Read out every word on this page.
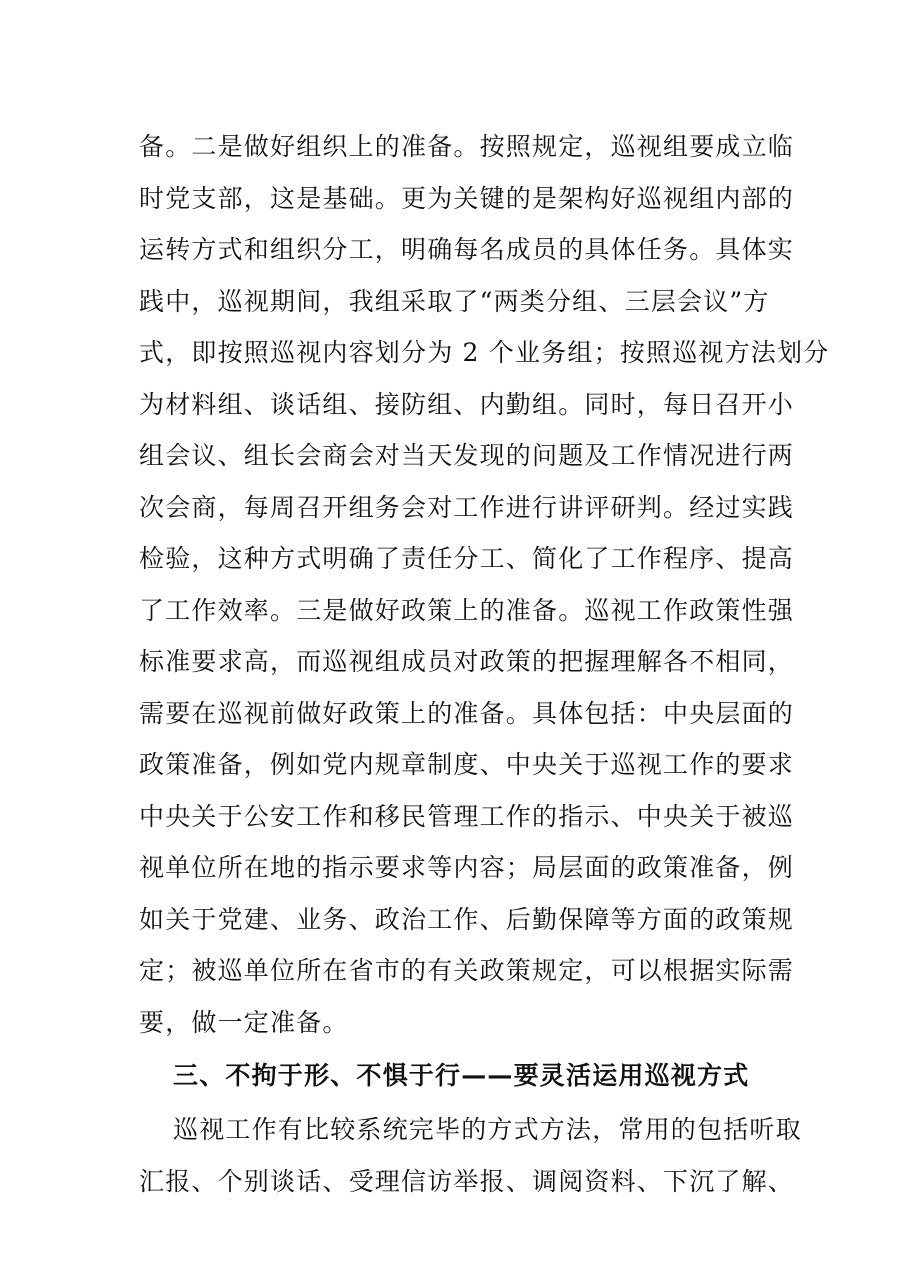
备。二是做好组织上的准备。按照规定，巡视组要成立临
时党支部，这是基础。更为关键的是架构好巡视组内部的
运转方式和组织分工，明确每名成员的具体任务。具体实
践中，巡视期间，我组采取了“两类分组、三层会议”方
式，即按照巡视内容划分为 2 个业务组；按照巡视方法划分
为材料组、谈话组、接防组、内勤组。同时，每日召开小
组会议、组长会商会对当天发现的问题及工作情况进行两
次会商，每周召开组务会对工作进行讲评研判。经过实践
检验，这种方式明确了责任分工、简化了工作程序、提高
了工作效率。三是做好政策上的准备。巡视工作政策性强
标准要求高，而巡视组成员对政策的把握理解各不相同，
需要在巡视前做好政策上的准备。具体包括：中央层面的
政策准备，例如党内规章制度、中央关于巡视工作的要求
中央关于公安工作和移民管理工作的指示、中央关于被巡
视单位所在地的指示要求等内容；局层面的政策准备，例
如关于党建、业务、政治工作、后勤保障等方面的政策规
定；被巡单位所在省市的有关政策规定，可以根据实际需
要，做一定准备。
三、不拘于形、不惧于行——要灵活运用巡视方式
巡视工作有比较系统完毕的方式方法，常用的包括听取
汇报、个别谈话、受理信访举报、调阅资料、下沉了解、
